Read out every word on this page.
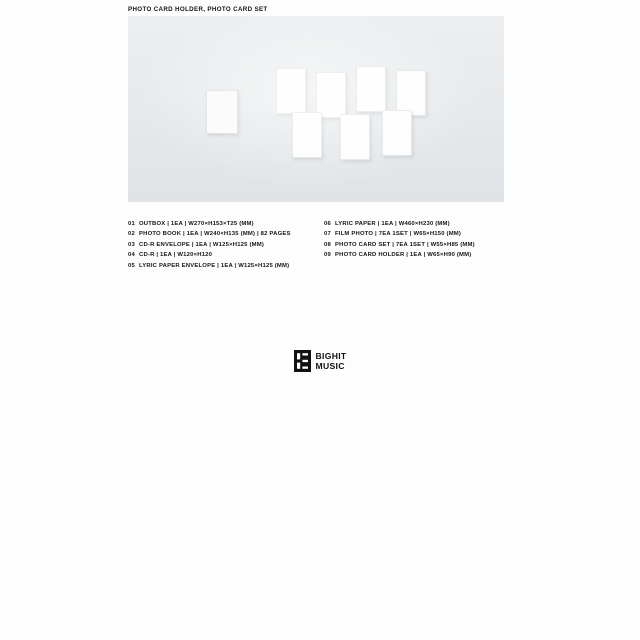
PHOTO CARD HOLDER, PHOTO CARD SET
01 OUTBOX | 1EA | W270×H153×T25 (MM)
02 PHOTO BOOK | 1EA | W240×H135 (MM) | 82 PAGES
03 CD-R ENVELOPE | 1EA | W125×H125 (MM)
04 CD-R | 1EA | W120×H120
05 LYRIC PAPER ENVELOPE | 1EA | W125×H125 (MM)
06 LYRIC PAPER | 1EA | W460×H230 (MM)
07 FILM PHOTO | 7EA 1SET | W65×H150 (MM)
08 PHOTO CARD SET | 7EA 1SET | W55×H85 (MM)
09 PHOTO CARD HOLDER | 1EA | W65×H90 (MM)
BIGHIT
MUSIC
